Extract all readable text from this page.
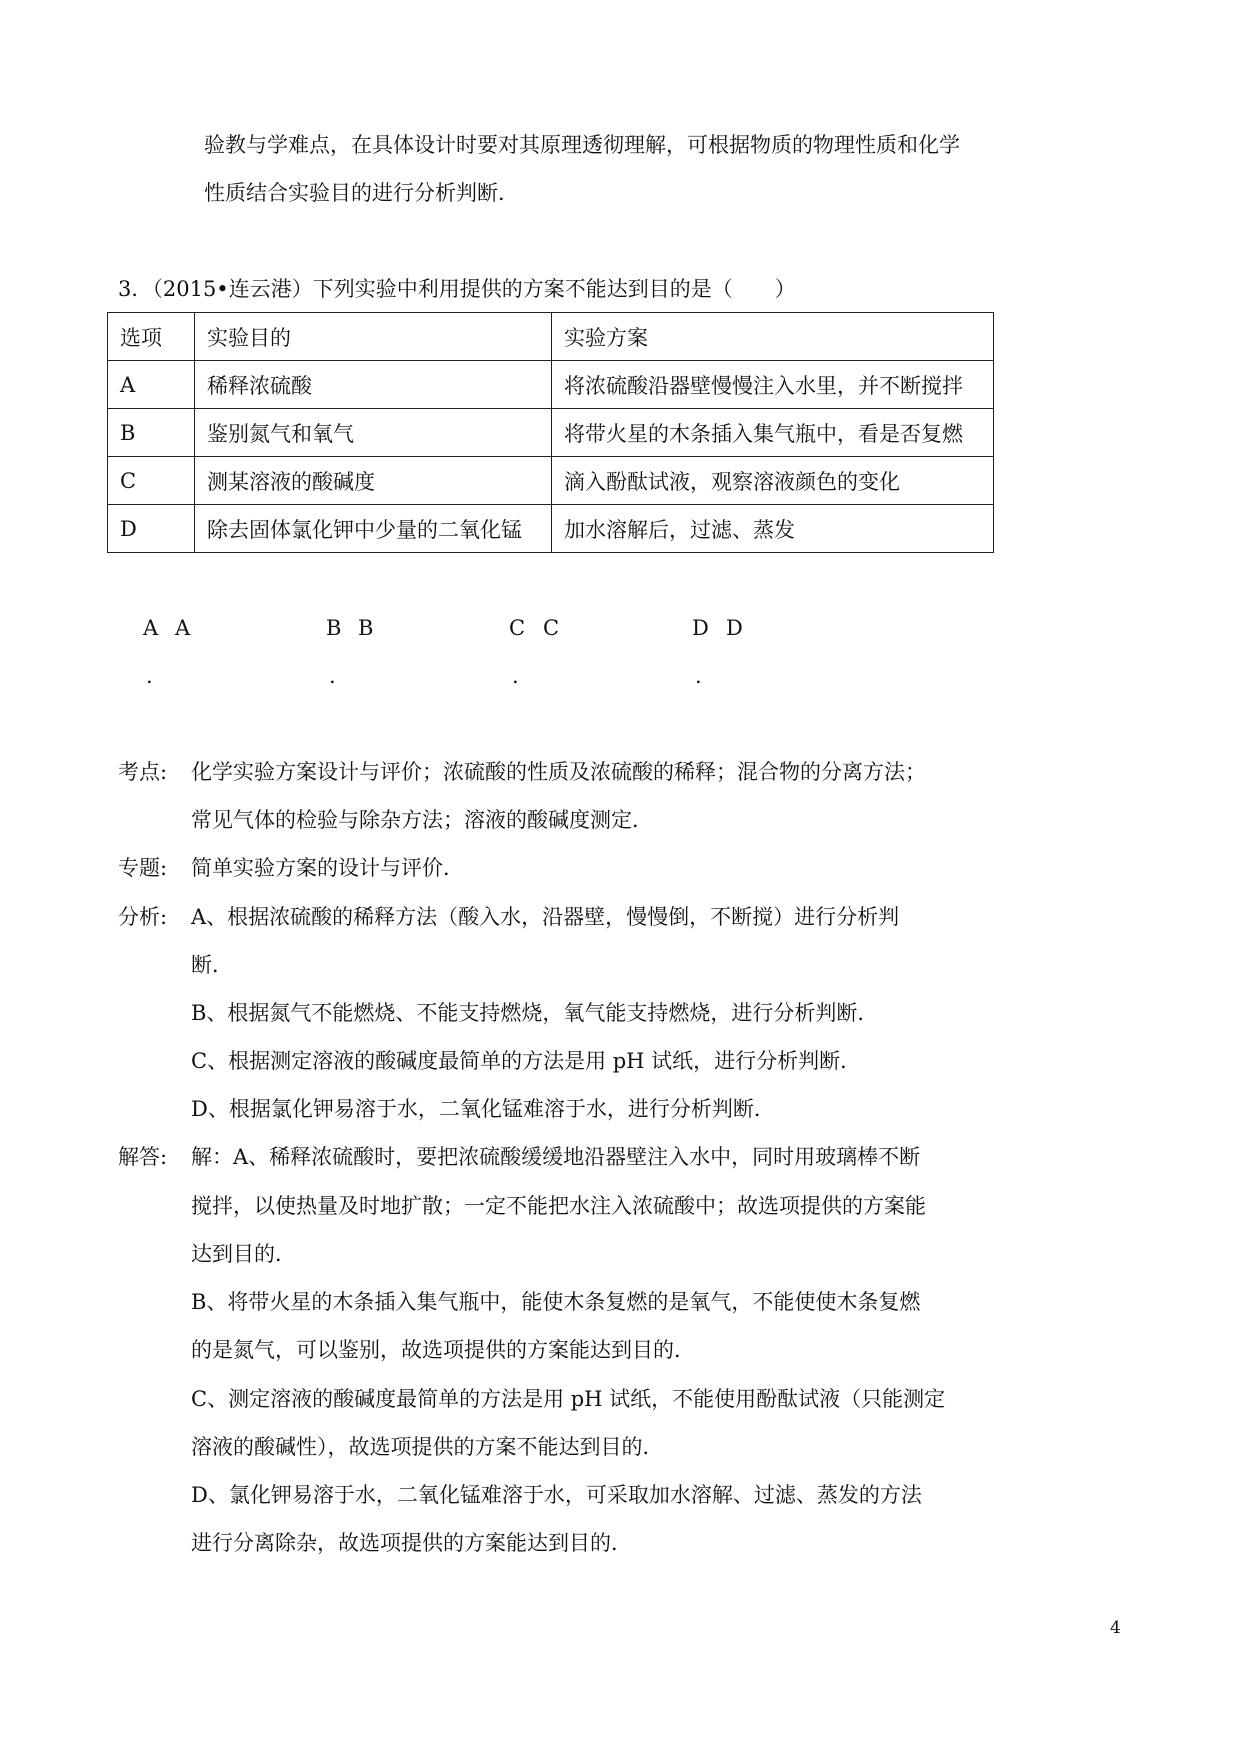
验教与学难点，在具体设计时要对其原理透彻理解，可根据物质的物理性质和化学
性质结合实验目的进行分析判断．
3．（2015•连云港）下列实验中利用提供的方案不能达到目的是（　　）
选项	实验目的	实验方案
A	稀释浓硫酸	将浓硫酸沿器壁慢慢注入水里，并不断搅拌
B	鉴别氮气和氧气	将带火星的木条插入集气瓶中，看是否复燃
C	测某溶液的酸碱度	滴入酚酞试液，观察溶液颜色的变化
D	除去固体氯化钾中少量的二氧化锰	加水溶解后，过滤、蒸发
A A
.
B B
.
C C
.
D D
.
考点: 化学实验方案设计与评价；浓硫酸的性质及浓硫酸的稀释；混合物的分离方法；
常见气体的检验与除杂方法；溶液的酸碱度测定．
专题: 简单实验方案的设计与评价．
分析: A、根据浓硫酸的稀释方法（酸入水，沿器壁，慢慢倒，不断搅）进行分析判
断．
B、根据氮气不能燃烧、不能支持燃烧，氧气能支持燃烧，进行分析判断．
C、根据测定溶液的酸碱度最简单的方法是用 pH 试纸，进行分析判断．
D、根据氯化钾易溶于水，二氧化锰难溶于水，进行分析判断．
解答: 解：A、稀释浓硫酸时，要把浓硫酸缓缓地沿器壁注入水中，同时用玻璃棒不断
搅拌，以使热量及时地扩散；一定不能把水注入浓硫酸中；故选项提供的方案能
达到目的．
B、将带火星的木条插入集气瓶中，能使木条复燃的是氧气，不能使使木条复燃
的是氮气，可以鉴别，故选项提供的方案能达到目的．
C、测定溶液的酸碱度最简单的方法是用 pH 试纸，不能使用酚酞试液（只能测定
溶液的酸碱性），故选项提供的方案不能达到目的．
D、氯化钾易溶于水，二氧化锰难溶于水，可采取加水溶解、过滤、蒸发的方法
进行分离除杂，故选项提供的方案能达到目的．
4
